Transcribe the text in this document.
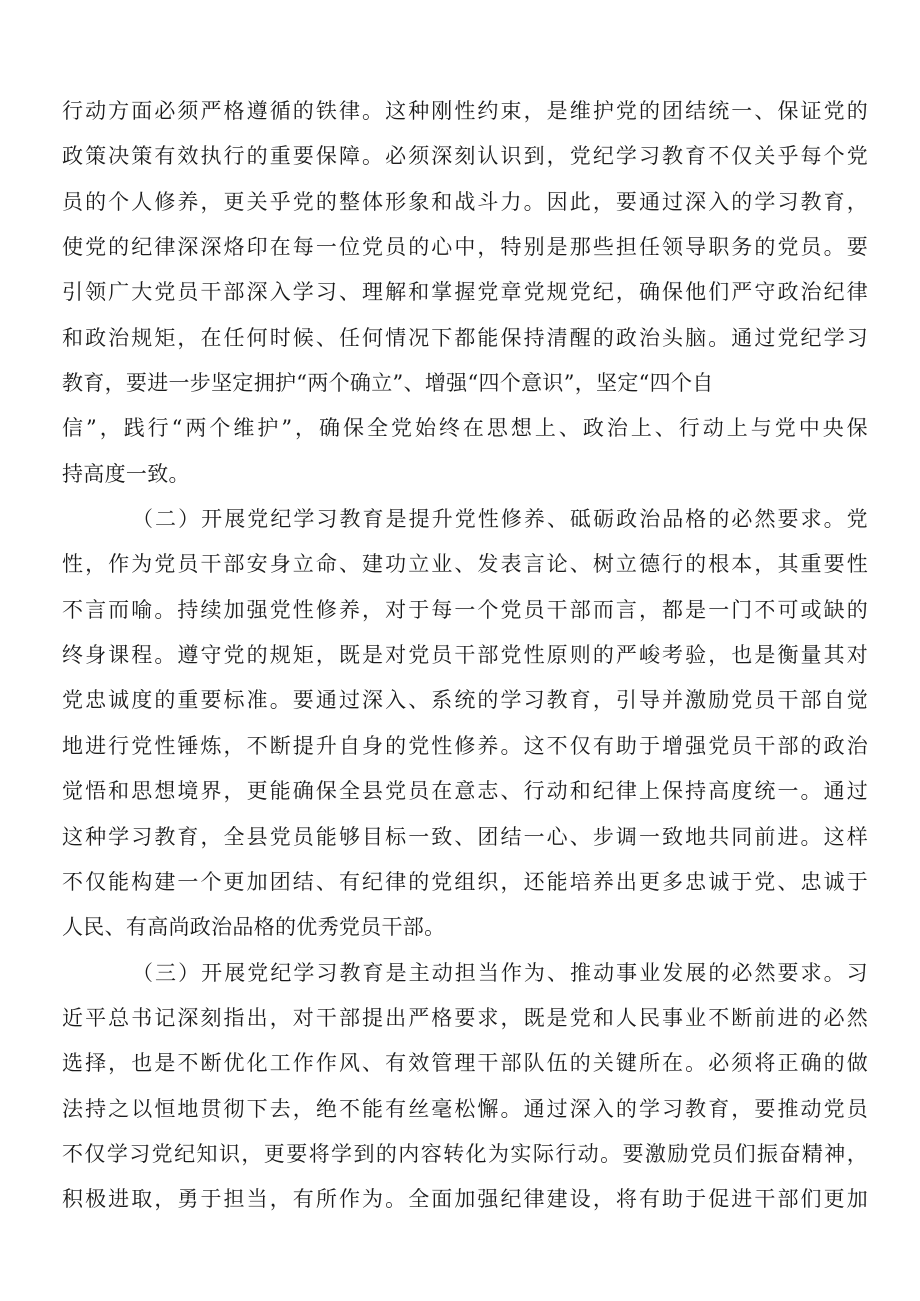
行动方面必须严格遵循的铁律。这种刚性约束，是维护党的团结统一、保证党的
政策决策有效执行的重要保障。必须深刻认识到，党纪学习教育不仅关乎每个党
员的个人修养，更关乎党的整体形象和战斗力。因此，要通过深入的学习教育，
使党的纪律深深烙印在每一位党员的心中，特别是那些担任领导职务的党员。要
引领广大党员干部深入学习、理解和掌握党章党规党纪，确保他们严守政治纪律
和政治规矩，在任何时候、任何情况下都能保持清醒的政治头脑。通过党纪学习
教育，要进一步坚定拥护“两个确立”、增强“四个意识”，坚定“四个自
信”，践行“两个维护”，确保全党始终在思想上、政治上、行动上与党中央保
持高度一致。
（二）开展党纪学习教育是提升党性修养、砥砺政治品格的必然要求。党
性，作为党员干部安身立命、建功立业、发表言论、树立德行的根本，其重要性
不言而喻。持续加强党性修养，对于每一个党员干部而言，都是一门不可或缺的
终身课程。遵守党的规矩，既是对党员干部党性原则的严峻考验，也是衡量其对
党忠诚度的重要标准。要通过深入、系统的学习教育，引导并激励党员干部自觉
地进行党性锤炼，不断提升自身的党性修养。这不仅有助于增强党员干部的政治
觉悟和思想境界，更能确保全县党员在意志、行动和纪律上保持高度统一。通过
这种学习教育，全县党员能够目标一致、团结一心、步调一致地共同前进。这样
不仅能构建一个更加团结、有纪律的党组织，还能培养出更多忠诚于党、忠诚于
人民、有高尚政治品格的优秀党员干部。
（三）开展党纪学习教育是主动担当作为、推动事业发展的必然要求。习
近平总书记深刻指出，对干部提出严格要求，既是党和人民事业不断前进的必然
选择，也是不断优化工作作风、有效管理干部队伍的关键所在。必须将正确的做
法持之以恒地贯彻下去，绝不能有丝毫松懈。通过深入的学习教育，要推动党员
不仅学习党纪知识，更要将学到的内容转化为实际行动。要激励党员们振奋精神，
积极进取，勇于担当，有所作为。全面加强纪律建设，将有助于促进干部们更加
